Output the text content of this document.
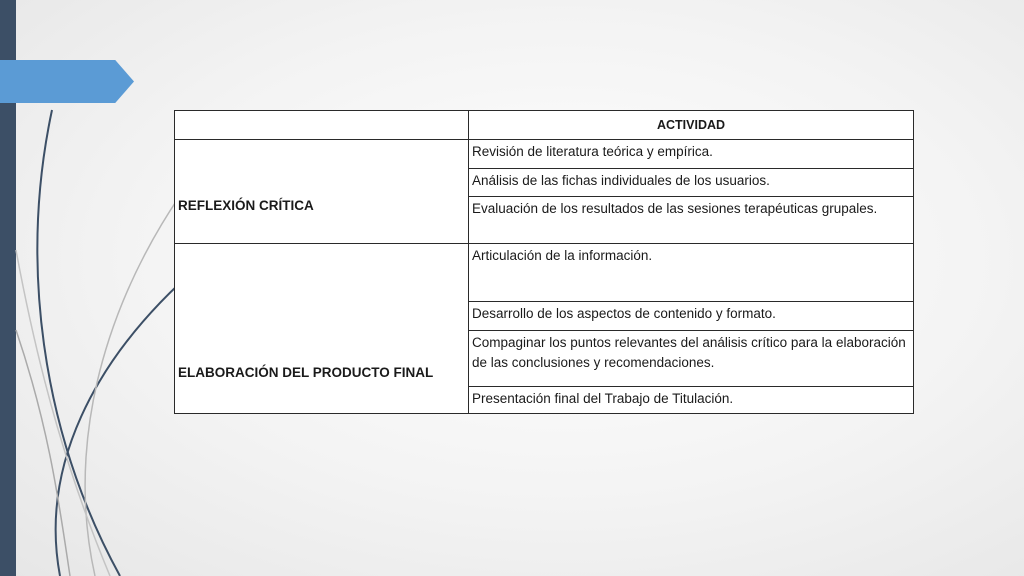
	ACTIVIDAD
REFLEXIÓN CRÍTICA	Revisión de literatura teórica y empírica.
	Análisis de las fichas individuales de los usuarios.
	Evaluación de los resultados de las sesiones terapéuticas grupales.
ELABORACIÓN DEL PRODUCTO FINAL	Articulación de la información.
	Desarrollo de los aspectos de contenido y formato.
	Compaginar los puntos relevantes del análisis crítico para la elaboración de las conclusiones y recomendaciones.
	Presentación final del Trabajo de Titulación.
